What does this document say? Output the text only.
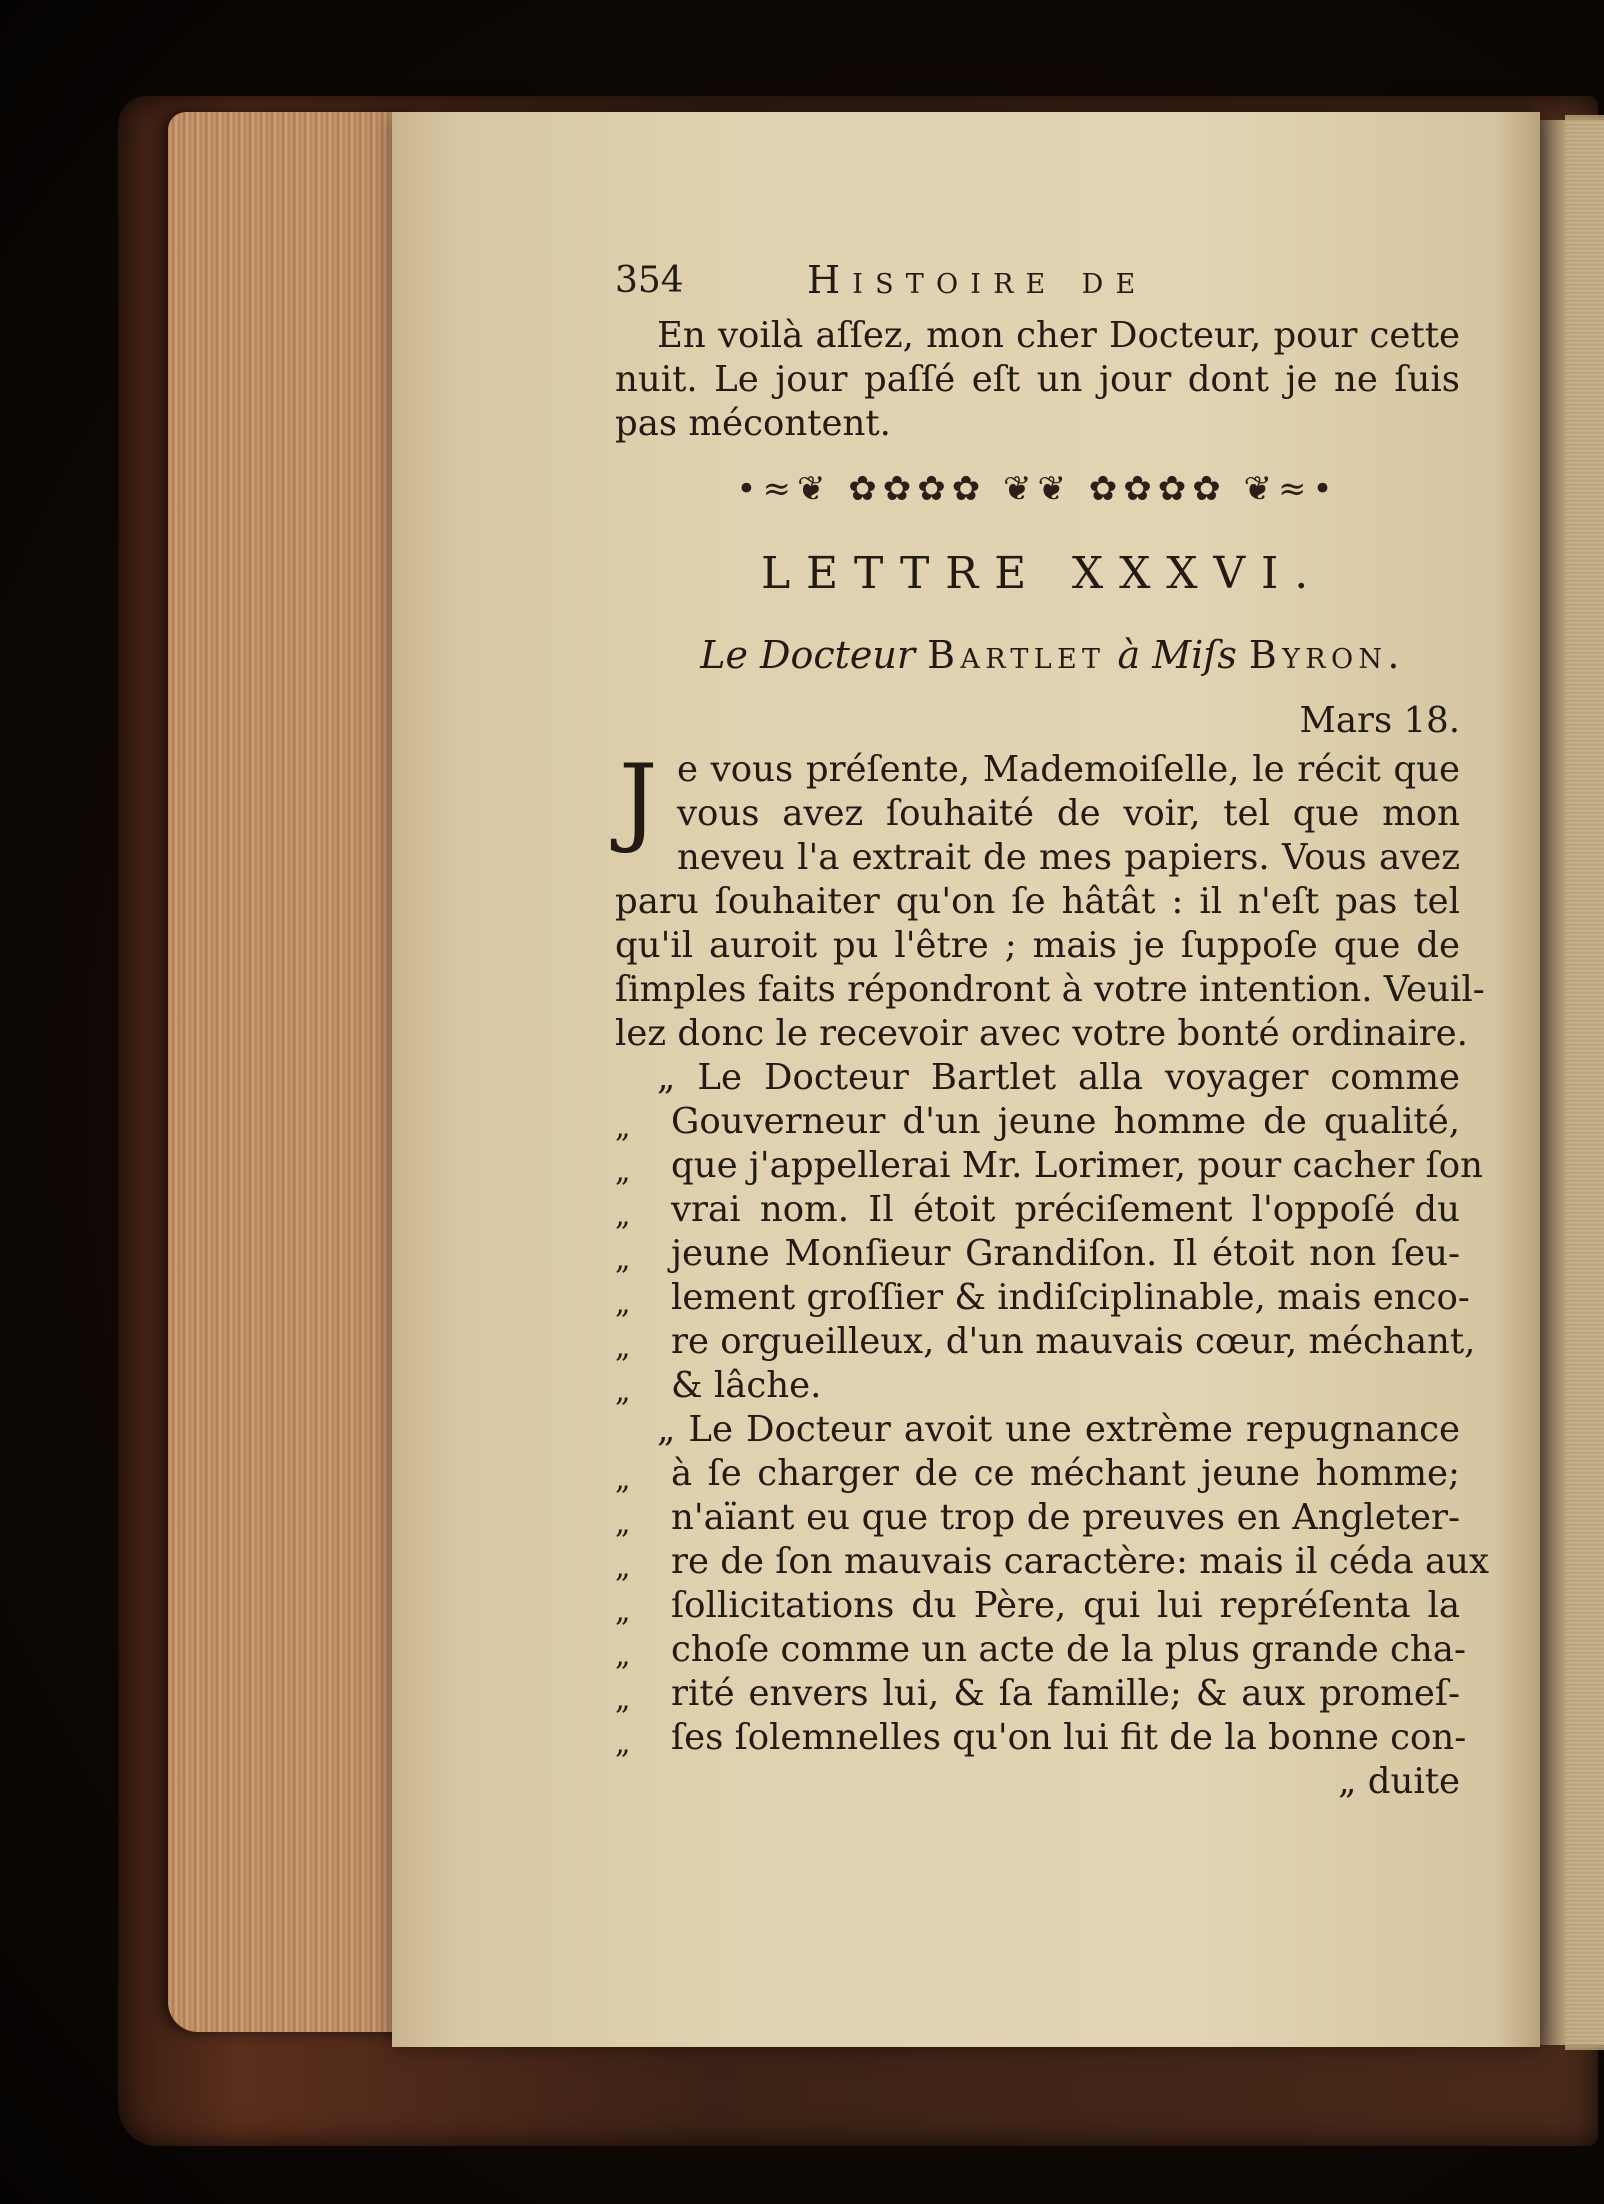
354	Histoire de
En voilà aſſez, mon cher Docteur, pour cette
nuit. Le jour paſſé eſt un jour dont je ne ſuis
pas mécontent.
•≈❦ ✿✿✿✿ ❦❦ ✿✿✿✿ ❦≈•
LETTRE XXXVI.
Le Docteur Bartlet à Miſs Byron.
Mars 18.
J e vous préſente, Mademoiſelle, le récit que
vous avez ſouhaité de voir, tel que mon
neveu l'a extrait de mes papiers. Vous avez
paru ſouhaiter qu'on ſe hâtât : il n'eſt pas tel
qu'il auroit pu l'être ; mais je ſuppoſe que de
ſimples faits répondront à votre intention. Veuil-
lez donc le recevoir avec votre bonté ordinaire.
„ Le Docteur Bartlet alla voyager comme
„ Gouverneur d'un jeune homme de qualité,
„ que j'appellerai Mr. Lorimer, pour cacher ſon
„ vrai nom. Il étoit préciſement l'oppoſé du
„ jeune Monſieur Grandiſon. Il étoit non ſeu-
„ lement groſſier & indiſciplinable, mais enco-
„ re orgueilleux, d'un mauvais cœur, méchant,
„ & lâche.
„ Le Docteur avoit une extrème repugnance
„ à ſe charger de ce méchant jeune homme;
„ n'aïant eu que trop de preuves en Angleter-
„ re de ſon mauvais caractère: mais il céda aux
„ ſollicitations du Père, qui lui repréſenta la
„ choſe comme un acte de la plus grande cha-
„ rité envers lui, & ſa famille; & aux promeſ-
„ ſes ſolemnelles qu'on lui fit de la bonne con-
„ duite
